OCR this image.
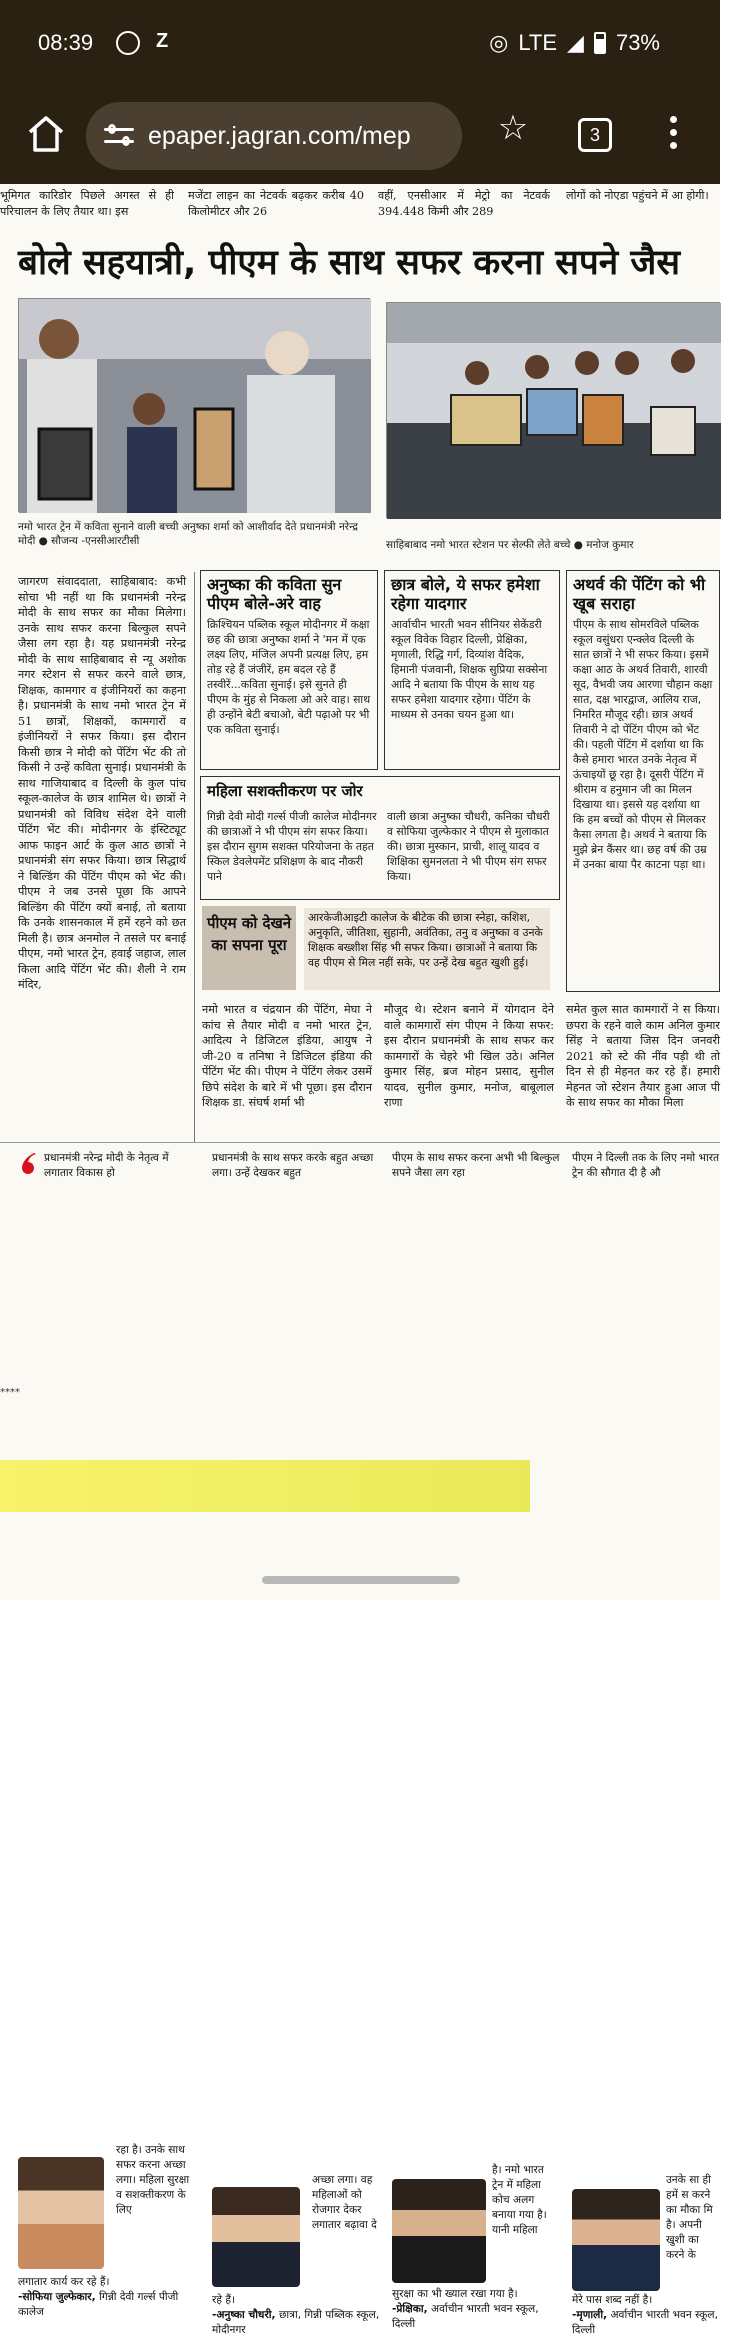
08:39	Z	◎ LTE ◢ 73%
epaper.jagran.com/mep	☆	3
भूमिगत कारिडोर पिछले अगस्त से ही परिचालन के लिए तैयार था। इस
मजेंटा लाइन का नेटवर्क बढ़कर करीब 40 किलोमीटर और 26
वहीं, एनसीआर में मेट्रो का नेटवर्क 394.448 किमी और 289
लोगों को नोएडा पहुंचने में आ होगी।
बोले सहयात्री, पीएम के साथ सफर करना सपने जैस
नमो भारत ट्रेन में कविता सुनाने वाली बच्ची अनुष्का शर्मा को आशीर्वाद देते प्रधानमंत्री नरेन्द्र मोदी ● सौजन्य -एनसीआरटीसी	साहिबाबाद नमो भारत स्टेशन पर सेल्फी लेते बच्चे ● मनोज कुमार
जागरण संवाददाता, साहिबाबाद: कभी सोचा भी नहीं था कि प्रधानमंत्री नरेन्द्र मोदी के साथ सफर का मौका मिलेगा। उनके साथ सफर करना बिल्कुल सपने जैसा लग रहा है। यह प्रधानमंत्री नरेन्द्र मोदी के साथ साहिबाबाद से न्यू अशोक नगर स्टेशन से सफर करने वाले छात्र, शिक्षक, कामगार व इंजीनियरों का कहना है। प्रधानमंत्री के साथ नमो भारत ट्रेन में 51 छात्रों, शिक्षकों, कामगारों व इंजीनियरों ने सफर किया। इस दौरान किसी छात्र ने मोदी को पेंटिंग भेंट की तो किसी ने उन्हें कविता सुनाई। प्रधानमंत्री के साथ गाजियाबाद व दिल्ली के कुल पांच स्कूल-कालेज के छात्र शामिल थे। छात्रों ने प्रधानमंत्री को विविध संदेश देने वाली पेंटिंग भेंट की। मोदीनगर के इंस्टिट्यूट आफ फाइन आर्ट के कुल आठ छात्रों ने प्रधानमंत्री संग सफर किया। छात्र सिद्धार्थ ने बिल्डिंग की पेंटिंग पीएम को भेंट की। पीएम ने जब उनसे पूछा कि आपने बिल्डिंग की पेंटिंग क्यों बनाई, तो बताया कि उनके शासनकाल में हमें रहने को छत मिली है। छात्र अनमोल ने तसले पर बनाई पीएम, नमो भारत ट्रेन, हवाई जहाज, लाल किला आदि पेंटिंग भेंट की। शैली ने राम मंदिर,
अनुष्का की कविता सुन पीएम बोले-अरे वाह
क्रिश्चियन पब्लिक स्कूल मोदीनगर में कक्षा छह की छात्रा अनुष्का शर्मा ने 'मन में एक लक्ष्य लिए, मंजिल अपनी प्रत्यक्ष लिए, हम तोड़ रहे हैं जंजीरें, हम बदल रहे हैं तस्वीरें...कविता सुनाई। इसे सुनते ही पीएम के मुंह से निकला ओ अरे वाह। साथ ही उन्होंने बेटी बचाओ, बेटी पढ़ाओ पर भी एक कविता सुनाई।
छात्र बोले, ये सफर हमेशा रहेगा यादगार
आर्वाचीन भारती भवन सीनियर सेकेंडरी स्कूल विवेक विहार दिल्ली, प्रेक्षिका, मृणाली, रिद्धि गर्ग, दिव्यांश वैदिक, हिमानी पंजवानी, शिक्षक सुप्रिया सक्सेना आदि ने बताया कि पीएम के साथ यह सफर हमेशा यादगार रहेगा। पेंटिंग के माध्यम से उनका चयन हुआ था।
अथर्व की पेंटिंग को भी खूब सराहा
पीएम के साथ सोमरविले पब्लिक स्कूल वसुंधरा एन्क्लेव दिल्ली के सात छात्रों ने भी सफर किया। इसमें कक्षा आठ के अथर्व तिवारी, शारवी सूद, वैभवी जय आरणा चौहान कक्षा सात, दक्ष भारद्वाज, आलिय राज, निमरित मौजूद रही। छात्र अथर्व तिवारी ने दो पेंटिंग पीएम को भेंट की। पहली पेंटिंग में दर्शाया था कि कैसे हमारा भारत उनके नेतृत्व में ऊंचाइयों छू रहा है। दूसरी पेंटिंग में श्रीराम व हनुमान जी का मिलन दिखाया था। इससे यह दर्शाया था कि हम बच्चों को पीएम से मिलकर कैसा लगता है। अथर्व ने बताया कि मुझे ब्रेन कैंसर था। छह वर्ष की उम्र में उनका बाया पैर काटना पड़ा था।
महिला सशक्तीकरण पर जोर
गिन्नी देवी मोदी गर्ल्स पीजी कालेज मोदीनगर की छात्राओं ने भी पीएम संग सफर किया। इस दौरान सुगम सशक्त परियोजना के तहत स्किल डेवलेपमेंट प्रशिक्षण के बाद नौकरी पाने
वाली छात्रा अनुष्का चौधरी, कनिका चौधरी व सोफिया जुल्फेकार ने पीएम से मुलाकात की। छात्रा मुस्कान, प्राची, शालू यादव व शिक्षिका सुमनलता ने भी पीएम संग सफर किया।
पीएम को देखने का सपना पूरा
आरकेजीआइटी कालेज के बीटेक की छात्रा स्नेहा, कशिश, अनुकृति, जीतिशा, सुहानी, अवंतिका, तनु व अनुष्का व उनके शिक्षक बख्शीश सिंह भी सफर किया। छात्राओं ने बताया कि वह पीएम से मिल नहीं सके, पर उन्हें देख बहुत खुशी हुई।
नमो भारत व चंद्रयान की पेंटिंग, मेघा ने कांच से तैयार मोदी व नमो भारत ट्रेन, आदित्य ने डिजिटल इंडिया, आयुष ने जी-20 व तनिषा ने डिजिटल इंडिया की पेंटिंग भेंट की। पीएम ने पेंटिंग लेकर उसमें छिपे संदेश के बारे में भी पूछा। इस दौरान शिक्षक डा. संघर्ष शर्मा भी
मौजूद थे। स्टेशन बनाने में योगदान देने वाले कामगारों संग पीएम ने किया सफर: इस दौरान प्रधानमंत्री के साथ सफर कर कामगारों के चेहरे भी खिल उठे। अनिल कुमार सिंह, ब्रज मोहन प्रसाद, सुनील यादव, सुनील कुमार, मनोज, बाबूलाल राणा
समेत कुल सात कामगारों ने स किया। छपरा के रहने वाले काम अनिल कुमार सिंह ने बताया जिस दिन जनवरी 2021 को स्टे की नींव पड़ी थी तो दिन से ही मेहनत कर रहे हैं। हमारी मेहनत जो स्टेशन तैयार हुआ आज पी के साथ सफर का मौका मिला
प्रधानमंत्री नरेन्द्र मोदी के नेतृत्व में लगातार विकास हो
रहा है। उनके साथ सफर करना अच्छा लगा। महिला सुरक्षा व सशक्तीकरण के लिए
लगातार कार्य कर रहे हैं।
-सोफिया जुल्फेकार, गिन्नी देवी गर्ल्स पीजी कालेज
प्रधानमंत्री के साथ सफर करके बहुत अच्छा लगा। उन्हें देखकर बहुत
अच्छा लगा। वह महिलाओं को रोजगार देकर लगातार बढ़ावा दे
रहे हैं।
-अनुष्का चौधरी, छात्रा, गिन्नी पब्लिक स्कूल, मोदीनगर
पीएम के साथ सफर करना अभी भी बिल्कुल सपने जैसा लग रहा
है। नमो भारत ट्रेन में महिला कोच अलग बनाया गया है। यानी महिला
सुरक्षा का भी ख्याल रखा गया है।
-प्रेक्षिका, अर्वाचीन भारती भवन स्कूल, दिल्ली
पीएम ने दिल्ली तक के लिए नमो भारत ट्रेन की सौगात दी है औ
उनके सा ही हमें स करने का मौका मि है। अपनी खुशी का करने के
मेरे पास शब्द नहीं है।
-मृणाली, अर्वाचीन भारती भवन स्कूल, दिल्ली
****
